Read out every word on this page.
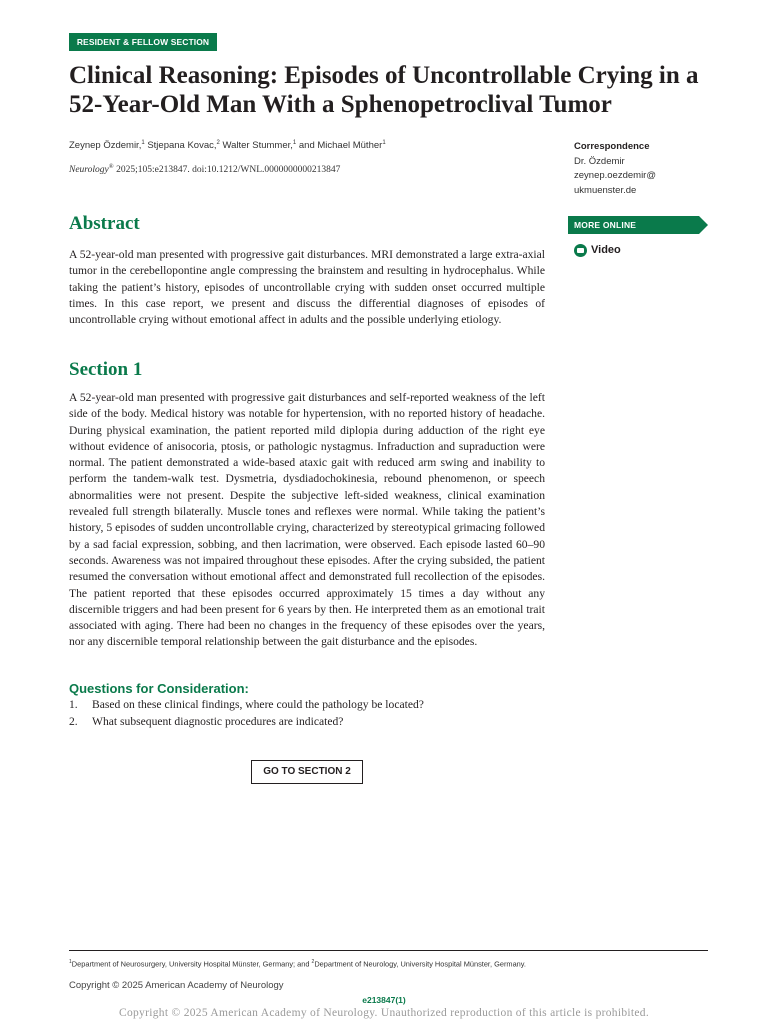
RESIDENT & FELLOW SECTION
Clinical Reasoning: Episodes of Uncontrollable Crying in a 52-Year-Old Man With a Sphenopetroclival Tumor
Zeynep Özdemir,$^1$ Stjepana Kovac,$^2$ Walter Stummer,$^1$ and Michael Müther$^1$
Neurology® 2025;105:e213847. doi:10.1212/WNL.0000000000213847
Correspondence
Dr. Özdemir
zeynep.oezdemir@
ukmuenster.de
MORE ONLINE
Video
Abstract

A 52-year-old man presented with progressive gait disturbances. MRI demonstrated a large extra-axial tumor in the cerebellopontine angle compressing the brainstem and resulting in hydrocephalus. While taking the patient’s history, episodes of uncontrollable crying with sudden onset occurred multiple times. In this case report, we present and discuss the differential diagnoses of episodes of uncontrollable crying without emotional affect in adults and the possible underlying etiology.

Section 1

A 52-year-old man presented with progressive gait disturbances and self-reported weakness of the left side of the body. Medical history was notable for hypertension, with no reported history of headache. During physical examination, the patient reported mild diplopia during adduction of the right eye without evidence of anisocoria, ptosis, or pathologic nystagmus. Infraduction and supraduction were normal. The patient demonstrated a wide-based ataxic gait with reduced arm swing and inability to perform the tandem-walk test. Dysmetria, dysdiadochokinesia, rebound phenomenon, or speech abnormalities were not present. Despite the subjective left-sided weakness, clinical examination revealed full strength bilaterally. Muscle tones and reflexes were normal. While taking the patient’s history, 5 episodes of sudden uncontrollable crying, characterized by stereotypical grimacing followed by a sad facial expression, sobbing, and then lacrimation, were observed. Each episode lasted 60–90 seconds. Awareness was not impaired throughout these episodes. After the crying subsided, the patient resumed the conversation without emotional affect and demonstrated full recollection of the episodes. The patient reported that these episodes occurred approximately 15 times a day without any discernible triggers and had been present for 6 years by then. He interpreted them as an emotional trait associated with aging. There had been no changes in the frequency of these episodes over the years, nor any discernible temporal relationship between the gait disturbance and the episodes.

Questions for Consideration:
1.	Based on these clinical findings, where could the pathology be located?
2.	What subsequent diagnostic procedures are indicated?
GO TO SECTION 2
$^1$Department of Neurosurgery, University Hospital Münster, Germany; and $^2$Department of Neurology, University Hospital Münster, Germany.
Copyright © 2025 American Academy of Neurology
e213847(1)
Copyright © 2025 American Academy of Neurology. Unauthorized reproduction of this article is prohibited.
